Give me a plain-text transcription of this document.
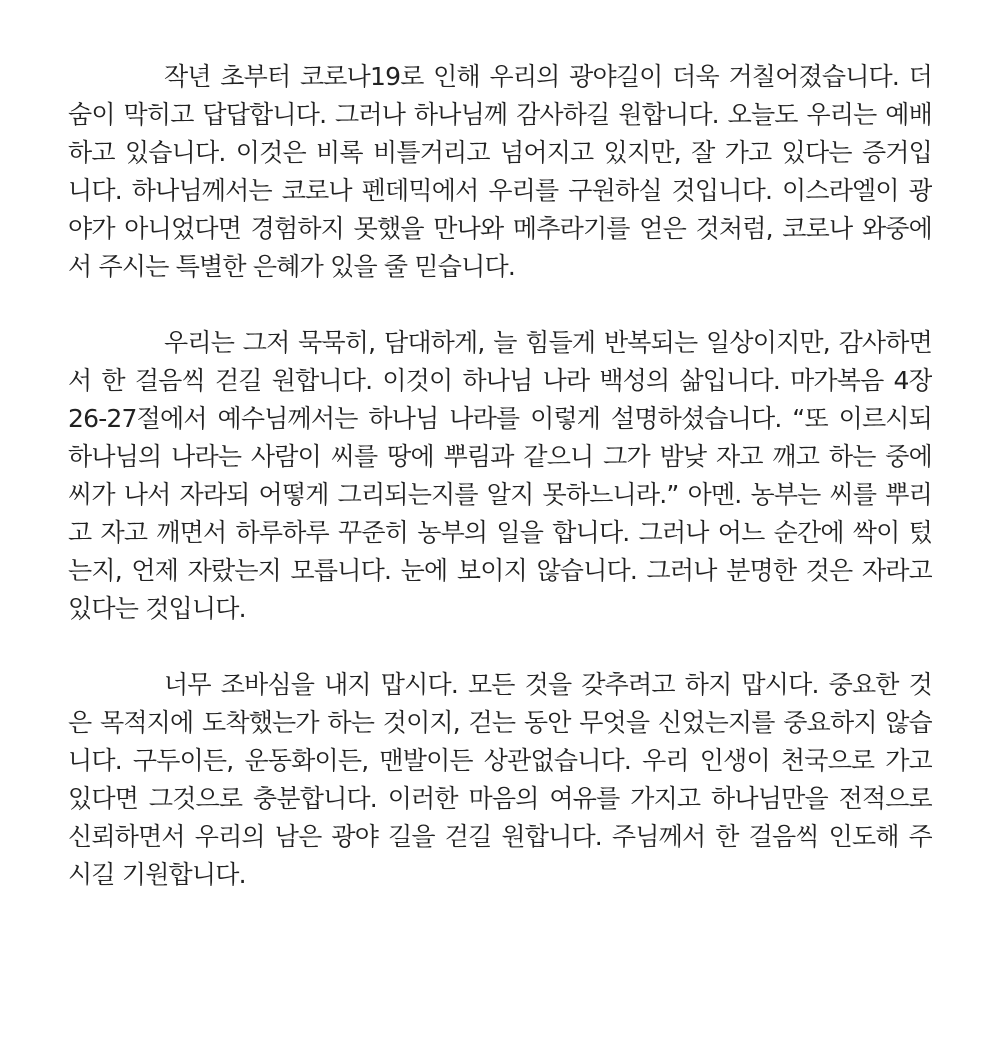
작년 초부터 코로나19로 인해 우리의 광야길이 더욱 거칠어졌습니다. 더
숨이 막히고 답답합니다. 그러나 하나님께 감사하길 원합니다. 오늘도 우리는 예배
하고 있습니다. 이것은 비록 비틀거리고 넘어지고 있지만, 잘 가고 있다는 증거입
니다. 하나님께서는 코로나 펜데믹에서 우리를 구원하실 것입니다. 이스라엘이 광
야가 아니었다면 경험하지 못했을 만나와 메추라기를 얻은 것처럼, 코로나 와중에
서 주시는 특별한 은혜가 있을 줄 믿습니다.
우리는 그저 묵묵히, 담대하게, 늘 힘들게 반복되는 일상이지만, 감사하면
서 한 걸음씩 걷길 원합니다. 이것이 하나님 나라 백성의 삶입니다. 마가복음 4장
26-27절에서 예수님께서는 하나님 나라를 이렇게 설명하셨습니다. “또 이르시되
하나님의 나라는 사람이 씨를 땅에 뿌림과 같으니 그가 밤낮 자고 깨고 하는 중에
씨가 나서 자라되 어떻게 그리되는지를 알지 못하느니라.” 아멘. 농부는 씨를 뿌리
고 자고 깨면서 하루하루 꾸준히 농부의 일을 합니다. 그러나 어느 순간에 싹이 텄
는지, 언제 자랐는지 모릅니다. 눈에 보이지 않습니다. 그러나 분명한 것은 자라고
있다는 것입니다.
너무 조바심을 내지 맙시다. 모든 것을 갖추려고 하지 맙시다. 중요한 것
은 목적지에 도착했는가 하는 것이지, 걷는 동안 무엇을 신었는지를 중요하지 않습
니다. 구두이든, 운동화이든, 맨발이든 상관없습니다. 우리 인생이 천국으로 가고
있다면 그것으로 충분합니다. 이러한 마음의 여유를 가지고 하나님만을 전적으로
신뢰하면서 우리의 남은 광야 길을 걷길 원합니다. 주님께서 한 걸음씩 인도해 주
시길 기원합니다.
